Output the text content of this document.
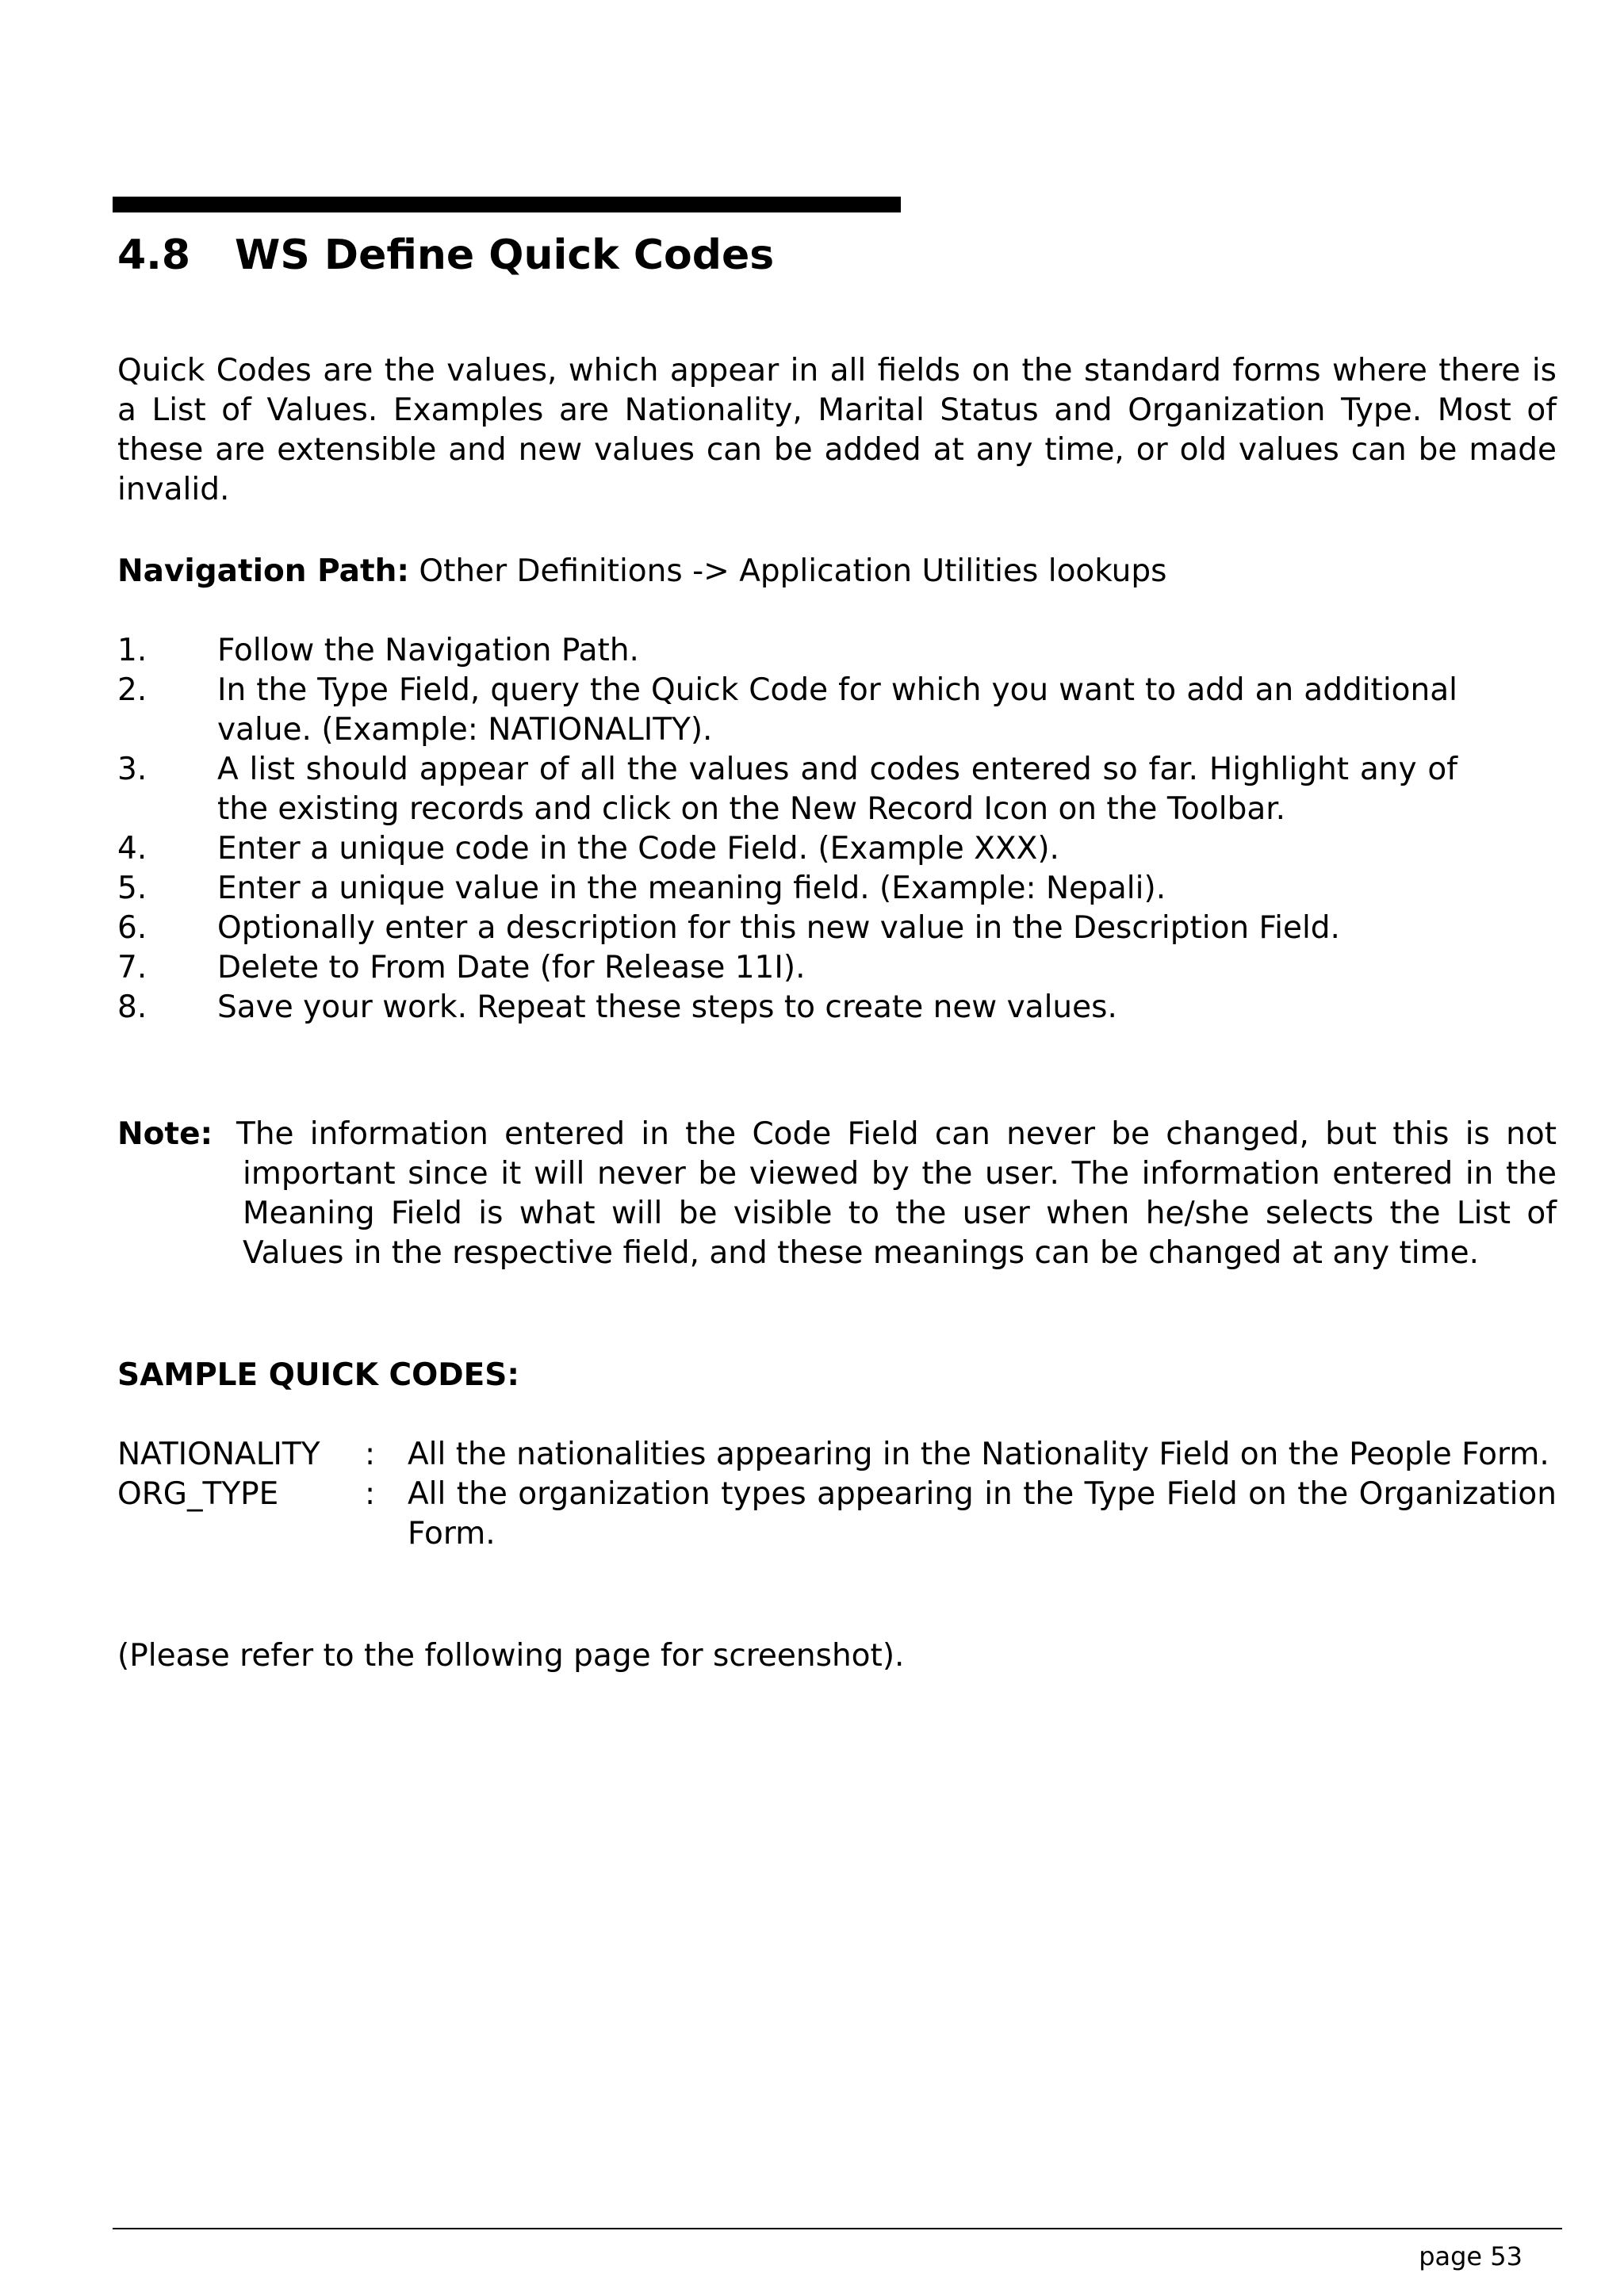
4.8 WS Define Quick Codes

Quick Codes are the values, which appear in all fields on the standard forms where there is a List of Values. Examples are Nationality, Marital Status and Organization Type. Most of these are extensible and new values can be added at any time, or old values can be made invalid.

Navigation Path: Other Definitions -> Application Utilities lookups

1.	Follow the Navigation Path.
2.	In the Type Field, query the Quick Code for which you want to add an additional value. (Example: NATIONALITY).
3.	A list should appear of all the values and codes entered so far. Highlight any of the existing records and click on the New Record Icon on the Toolbar.
4.	Enter a unique code in the Code Field. (Example XXX).
5.	Enter a unique value in the meaning field. (Example: Nepali).
6.	Optionally enter a description for this new value in the Description Field.
7.	Delete to From Date (for Release 11I).
8.	Save your work. Repeat these steps to create new values.
Note: The information entered in the Code Field can never be changed, but this is not important since it will never be viewed by the user. The information entered in the Meaning Field is what will be visible to the user when he/she selects the List of Values in the respective field, and these meanings can be changed at any time.

SAMPLE QUICK CODES:

NATIONALITY	:	All the nationalities appearing in the Nationality Field on the People Form.
ORG_TYPE	:	All the organization types appearing in the Type Field on the Organization Form.

(Please refer to the following page for screenshot).

page 53
